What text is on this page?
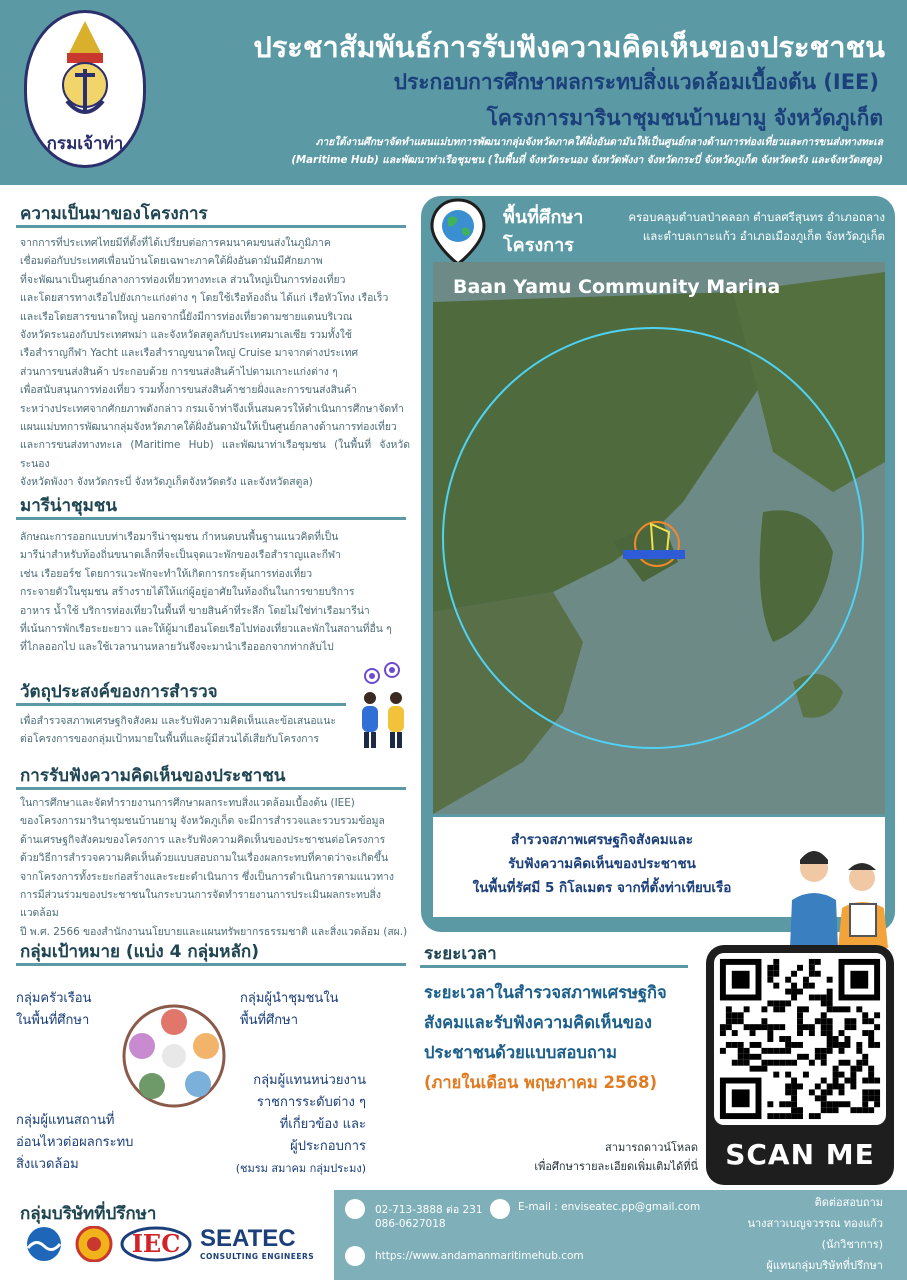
กรมเจ้าท่า
ประชาสัมพันธ์การรับฟังความคิดเห็นของประชาชน
ประกอบการศึกษาผลกระทบสิ่งแวดล้อมเบื้องต้น (IEE)
โครงการมารินาชุมชนบ้านยามู จังหวัดภูเก็ต
ภายใต้งานศึกษาจัดทำแผนแม่บทการพัฒนากลุ่มจังหวัดภาคใต้ฝั่งอันดามันให้เป็นศูนย์กลางด้านการท่องเที่ยวและการขนส่งทางทะเล
(Maritime Hub) และพัฒนาท่าเรือชุมชน (ในพื้นที่ จังหวัดระนอง จังหวัดพังงา จังหวัดกระบี่ จังหวัดภูเก็ต จังหวัดตรัง และจังหวัดสตูล)
ความเป็นมาของโครงการ
จากการที่ประเทศไทยมีที่ตั้งที่ได้เปรียบต่อการคมนาคมขนส่งในภูมิภาค
เชื่อมต่อกับประเทศเพื่อนบ้านโดยเฉพาะภาคใต้ฝั่งอันดามันมีศักยภาพ
ที่จะพัฒนาเป็นศูนย์กลางการท่องเที่ยวทางทะเล ส่วนใหญ่เป็นการท่องเที่ยว
และโดยสารทางเรือไปยังเกาะแก่งต่าง ๆ โดยใช้เรือท้องถิ่น ได้แก่ เรือหัวโทง เรือเร็ว
และเรือโดยสารขนาดใหญ่ นอกจากนี้ยังมีการท่องเที่ยวตามชายแดนบริเวณ
จังหวัดระนองกับประเทศพม่า และจังหวัดสตูลกับประเทศมาเลเซีย รวมทั้งใช้
เรือสำราญกีฬา Yacht และเรือสำราญขนาดใหญ่ Cruise มาจากต่างประเทศ
ส่วนการขนส่งสินค้า ประกอบด้วย การขนส่งสินค้าไปตามเกาะแก่งต่าง ๆ
เพื่อสนับสนุนการท่องเที่ยว รวมทั้งการขนส่งสินค้าชายฝั่งและการขนส่งสินค้า
ระหว่างประเทศจากศักยภาพดังกล่าว กรมเจ้าท่าจึงเห็นสมควรให้ดำเนินการศึกษาจัดทำ
แผนแม่บทการพัฒนากลุ่มจังหวัดภาคใต้ฝั่งอันดามันให้เป็นศูนย์กลางด้านการท่องเที่ยว
และการขนส่งทางทะเล (Maritime Hub) และพัฒนาท่าเรือชุมชน (ในพื้นที่ จังหวัดระนอง
จังหวัดพังงา จังหวัดกระบี่ จังหวัดภูเก็ตจังหวัดตรัง และจังหวัดสตูล)
มารีน่าชุมชน
ลักษณะการออกแบบท่าเรือมารีน่าชุมชน กำหนดบนพื้นฐานแนวคิดที่เป็น
มารีน่าสำหรับท้องถิ่นขนาดเล็กที่จะเป็นจุดแวะพักของเรือสำราญและกีฬา
เช่น เรือยอร์ช โดยการแวะพักจะทำให้เกิดการกระตุ้นการท่องเที่ยว
กระจายตัวในชุมชน สร้างรายได้ให้แก่ผู้อยู่อาศัยในท้องถิ่นในการขายบริการ
อาหาร น้ำใช้ บริการท่องเที่ยวในพื้นที่ ขายสินค้าที่ระลึก โดยไม่ใช่ท่าเรือมารีน่า
ที่เน้นการพักเรือระยะยาว และให้ผู้มาเยือนโดยเรือไปท่องเที่ยวและพักในสถานที่อื่น ๆ
ที่ไกลออกไป และใช้เวลานานหลายวันจึงจะมานำเรือออกจากท่ากลับไป
วัตถุประสงค์ของการสำรวจ
เพื่อสำรวจสภาพเศรษฐกิจสังคม และรับฟังความคิดเห็นและข้อเสนอแนะ
ต่อโครงการของกลุ่มเป้าหมายในพื้นที่และผู้มีส่วนได้เสียกับโครงการ
การรับฟังความคิดเห็นของประชาชน
ในการศึกษาและจัดทำรายงานการศึกษาผลกระทบสิ่งแวดล้อมเบื้องต้น (IEE)
ของโครงการมารินาชุมชนบ้านยามู จังหวัดภูเก็ต จะมีการสำรวจและรวบรวมข้อมูล
ด้านเศรษฐกิจสังคมของโครงการ และรับฟังความคิดเห็นของประชาชนต่อโครงการ
ด้วยวิธีการสำรวจความคิดเห็นด้วยแบบสอบถามในเรื่องผลกระทบที่คาดว่าจะเกิดขึ้น
จากโครงการทั้งระยะก่อสร้างและระยะดำเนินการ ซึ่งเป็นการดำเนินการตามแนวทาง
การมีส่วนร่วมของประชาชนในกระบวนการจัดทำรายงานการประเมินผลกระทบสิ่งแวดล้อม
ปี พ.ศ. 2566 ของสำนักงานนโยบายและแผนทรัพยากรธรรมชาติ และสิ่งแวดล้อม (สผ.)
กลุ่มเป้าหมาย (แบ่ง 4 กลุ่มหลัก)
กลุ่มครัวเรือน
ในพื้นที่ศึกษา
กลุ่มผู้นำชุมชนใน
พื้นที่ศึกษา
กลุ่มผู้แทนหน่วยงาน
ราชการระดับต่าง ๆ
ที่เกี่ยวข้อง และ
ผู้ประกอบการ
(ชมรม สมาคม กลุ่มประมง)
กลุ่มผู้แทนสถานที่
อ่อนไหวต่อผลกระทบ
สิ่งแวดล้อม
พื้นที่ศึกษา
โครงการ
ครอบคลุมตำบลป่าคลอก ตำบลศรีสุนทร อำเภอถลาง
และตำบลเกาะแก้ว อำเภอเมืองภูเก็ต จังหวัดภูเก็ต
Baan Yamu Community Marina
สำรวจสภาพเศรษฐกิจสังคมและ
รับฟังความคิดเห็นของประชาชน
ในพื้นที่รัศมี 5 กิโลเมตร จากที่ตั้งท่าเทียบเรือ
ระยะเวลา
ระยะเวลาในสำรวจสภาพเศรษฐกิจ
สังคมและรับฟังความคิดเห็นของ
ประชาชนด้วยแบบสอบถาม
(ภายในเดือน พฤษภาคม 2568)
SCAN ME
สามารถดาวน์โหลด
เพื่อศึกษารายละเอียดเพิ่มเติมได้ที่นี่
กลุ่มบริษัทที่ปรึกษา
IEC SEATEC
CONSULTING ENGINEERS
02-713-3888 ต่อ 231
086-0627018
E-mail : enviseatec.pp@gmail.com
https://www.andamanmaritimehub.com
ติดต่อสอบถาม
นางสาวเบญจวรรณ ทองแก้ว
(นักวิชาการ)
ผู้แทนกลุ่มบริษัทที่ปรึกษา
